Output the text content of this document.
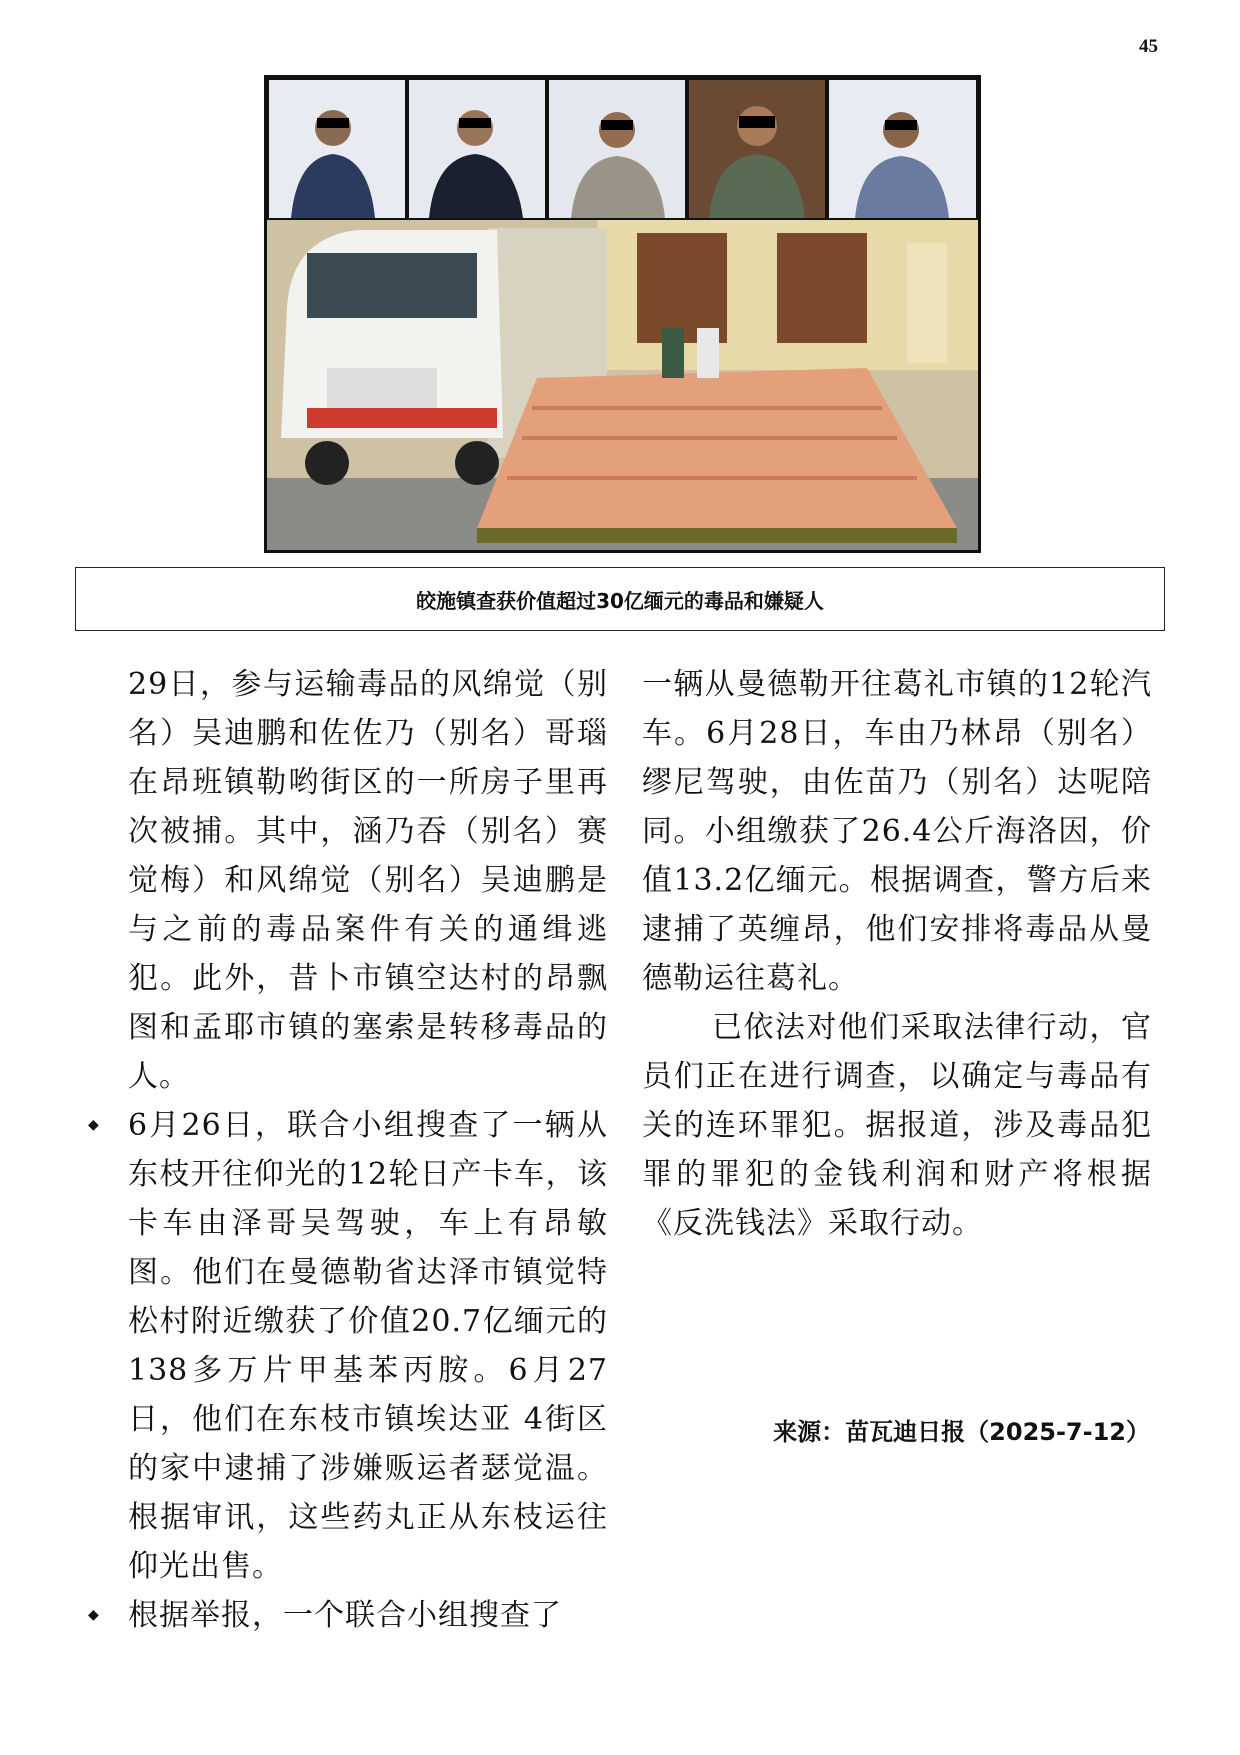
45
皎施镇查获价值超过30亿缅元的毒品和嫌疑人

29日，参与运输毒品的风绵觉（别名）吴迪鹏和佐佐乃（别名）哥瑙在昂班镇勒哟街区的一所房子里再次被捕。其中，涵乃吞（别名）赛觉梅）和风绵觉（别名）吴迪鹏是与之前的毒品案件有关的通缉逃犯。此外，昔卜市镇空达村的昂飘图和孟耶市镇的塞索是转移毒品的人。

◆ 6月26日，联合小组搜查了一辆从东枝开往仰光的12轮日产卡车，该卡车由泽哥吴驾驶，车上有昂敏图。他们在曼德勒省达泽市镇觉特松村附近缴获了价值20.7亿缅元的138多万片甲基苯丙胺。6月27日，他们在东枝市镇埃达亚 4街区的家中逮捕了涉嫌贩运者瑟觉温。根据审讯，这些药丸正从东枝运往仰光出售。

◆ 根据举报，一个联合小组搜查了

一辆从曼德勒开往葛礼市镇的12轮汽车。6月28日，车由乃林昂（别名）缪尼驾驶，由佐苗乃（别名）达呢陪同。小组缴获了26.4公斤海洛因，价值13.2亿缅元。根据调查，警方后来逮捕了英缠昂，他们安排将毒品从曼德勒运往葛礼。

已依法对他们采取法律行动，官员们正在进行调查，以确定与毒品有关的连环罪犯。据报道，涉及毒品犯罪的罪犯的金钱利润和财产将根据《反洗钱法》采取行动。

来源：苗瓦迪日报（2025-7-12）
